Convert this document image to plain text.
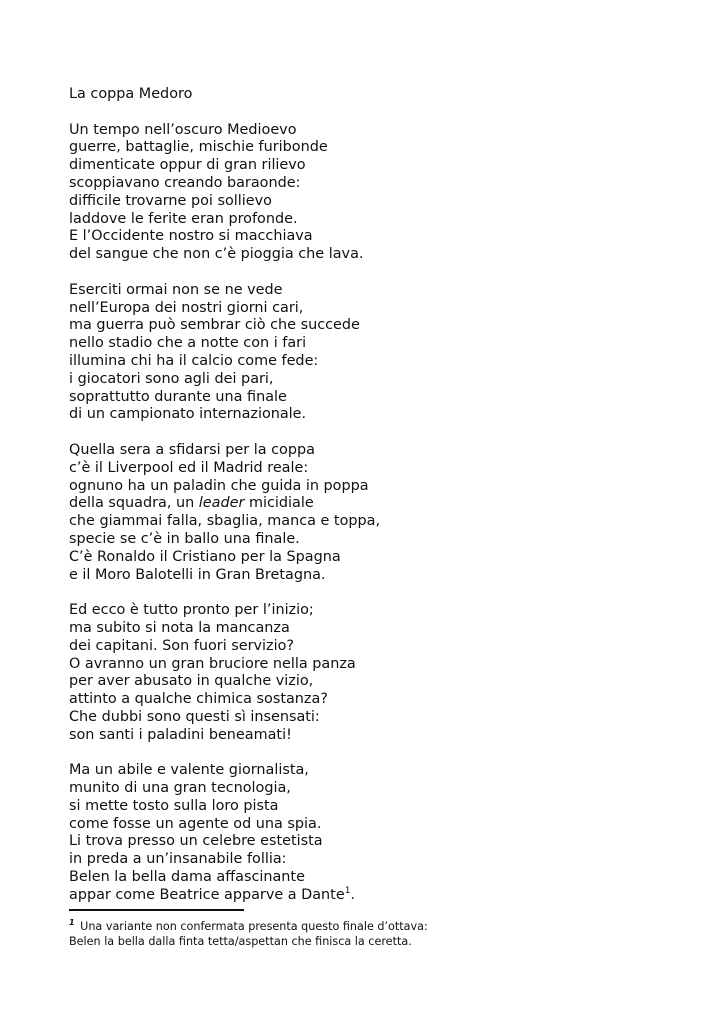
La coppa Medoro
Un tempo nell’oscuro Medioevo
guerre, battaglie, mischie furibonde
dimenticate oppur di gran rilievo
scoppiavano creando baraonde:
difficile trovarne poi sollievo
laddove le ferite eran profonde.
E l’Occidente nostro si macchiava
del sangue che non c’è pioggia che lava.
Eserciti ormai non se ne vede
nell’Europa dei nostri giorni cari,
ma guerra può sembrar ciò che succede
nello stadio che a notte con i fari
illumina chi ha il calcio come fede:
i giocatori sono agli dei pari,
soprattutto durante una finale
di un campionato internazionale.
Quella sera a sfidarsi per la coppa
c’è il Liverpool ed il Madrid reale:
ognuno ha un paladin che guida in poppa
della squadra, un leader micidiale
che giammai falla, sbaglia, manca e toppa,
specie se c’è in ballo una finale.
C’è Ronaldo il Cristiano per la Spagna
e il Moro Balotelli in Gran Bretagna.
Ed ecco è tutto pronto per l’inizio;
ma subito si nota la mancanza
dei capitani. Son fuori servizio?
O avranno un gran bruciore nella panza
per aver abusato in qualche vizio,
attinto a qualche chimica sostanza?
Che dubbi sono questi sì insensati:
son santi i paladini beneamati!
Ma un abile e valente giornalista,
munito di una gran tecnologia,
si mette tosto sulla loro pista
come fosse un agente od una spia.
Li trova presso un celebre estetista
in preda a un’insanabile follia:
Belen la bella dama affascinante
appar come Beatrice apparve a Dante$^1$.
$^1$ Una variante non confermata presenta questo finale d’ottava:
Belen la bella dalla finta tetta/aspettan che finisca la ceretta.
